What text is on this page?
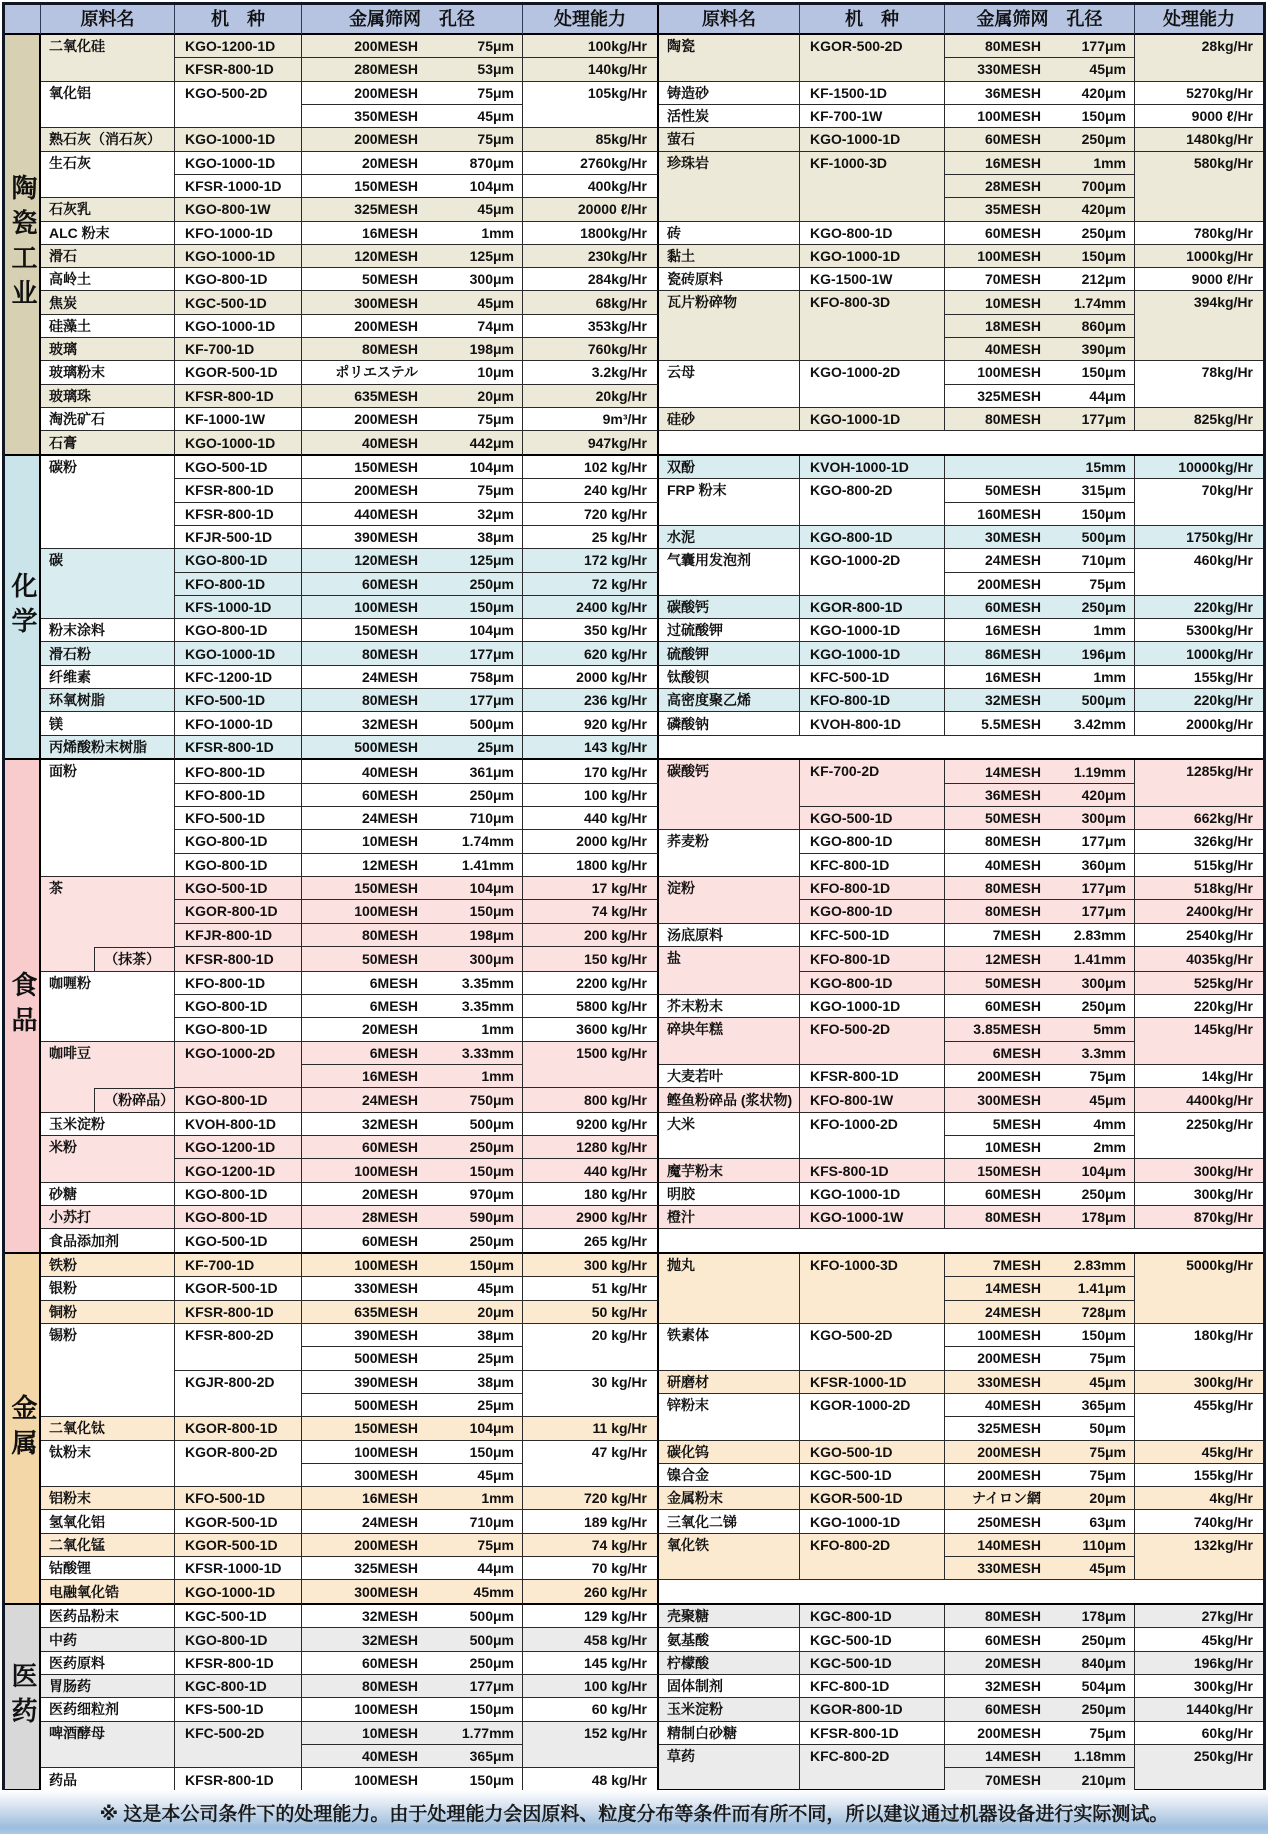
	原料名	机　种	金属筛网　孔径		处理能力	原料名	机　种	金属筛网　孔径		处理能力
陶瓷工业	二氧化硅	KGO-1200-1D	200MESH	75μm	100kg/Hr	陶瓷	KGOR-500-2D	80MESH	177μm	28kg/Hr
		KFSR-800-1D	280MESH	53μm	140kg/Hr			330MESH	45μm	
	氧化铝	KGO-500-2D	200MESH	75μm	105kg/Hr	铸造砂	KF-1500-1D	36MESH	420μm	5270kg/Hr
			350MESH	45μm		活性炭	KF-700-1W	100MESH	150μm	9000 ℓ/Hr
	熟石灰（消石灰）	KGO-1000-1D	200MESH	75μm	85kg/Hr	萤石	KGO-1000-1D	60MESH	250μm	1480kg/Hr
	生石灰	KGO-1000-1D	20MESH	870μm	2760kg/Hr	珍珠岩	KF-1000-3D	16MESH	1mm	580kg/Hr
		KFSR-1000-1D	150MESH	104μm	400kg/Hr			28MESH	700μm	
	石灰乳	KGO-800-1W	325MESH	45μm	20000 ℓ/Hr			35MESH	420μm	
	ALC 粉末	KFO-1000-1D	16MESH	1mm	1800kg/Hr	砖	KGO-800-1D	60MESH	250μm	780kg/Hr
	滑石	KGO-1000-1D	120MESH	125μm	230kg/Hr	黏土	KGO-1000-1D	100MESH	150μm	1000kg/Hr
	高岭土	KGO-800-1D	50MESH	300μm	284kg/Hr	瓷砖原料	KG-1500-1W	70MESH	212μm	9000 ℓ/Hr
	焦炭	KGC-500-1D	300MESH	45μm	68kg/Hr	瓦片粉碎物	KFO-800-3D	10MESH	1.74mm	394kg/Hr
	硅藻土	KGO-1000-1D	200MESH	74μm	353kg/Hr			18MESH	860μm	
	玻璃	KF-700-1D	80MESH	198μm	760kg/Hr			40MESH	390μm	
	玻璃粉末	KGOR-500-1D	ポリエステル	10μm	3.2kg/Hr	云母	KGO-1000-2D	100MESH	150μm	78kg/Hr
	玻璃珠	KFSR-800-1D	635MESH	20μm	20kg/Hr			325MESH	44μm	
	淘洗矿石	KF-1000-1W	200MESH	75μm	9m³/Hr	硅砂	KGO-1000-1D	80MESH	177μm	825kg/Hr
	石膏	KGO-1000-1D	40MESH	442μm	947kg/Hr					
化学	碳粉	KGO-500-1D	150MESH	104μm	102 kg/Hr	双酚	KVOH-1000-1D		15mm	10000kg/Hr
		KFSR-800-1D	200MESH	75μm	240 kg/Hr	FRP 粉末	KGO-800-2D	50MESH	315μm	70kg/Hr
		KFSR-800-1D	440MESH	32μm	720 kg/Hr			160MESH	150μm	
		KFJR-500-1D	390MESH	38μm	25 kg/Hr	水泥	KGO-800-1D	30MESH	500μm	1750kg/Hr
	碳	KGO-800-1D	120MESH	125μm	172 kg/Hr	气囊用发泡剂	KGO-1000-2D	24MESH	710μm	460kg/Hr
		KFO-800-1D	60MESH	250μm	72 kg/Hr			200MESH	75μm	
		KFS-1000-1D	100MESH	150μm	2400 kg/Hr	碳酸钙	KGOR-800-1D	60MESH	250μm	220kg/Hr
	粉末涂料	KGO-800-1D	150MESH	104μm	350 kg/Hr	过硫酸钾	KGO-1000-1D	16MESH	1mm	5300kg/Hr
	滑石粉	KGO-1000-1D	80MESH	177μm	620 kg/Hr	硫酸钾	KGO-1000-1D	86MESH	196μm	1000kg/Hr
	纤维素	KFC-1200-1D	24MESH	758μm	2000 kg/Hr	钛酸钡	KFC-500-1D	16MESH	1mm	155kg/Hr
	环氧树脂	KFO-500-1D	80MESH	177μm	236 kg/Hr	高密度聚乙烯	KFO-800-1D	32MESH	500μm	220kg/Hr
	镁	KFO-1000-1D	32MESH	500μm	920 kg/Hr	磷酸钠	KVOH-800-1D	5.5MESH	3.42mm	2000kg/Hr
	丙烯酸粉末树脂	KFSR-800-1D	500MESH	25μm	143 kg/Hr					
食品	面粉	KFO-800-1D	40MESH	361μm	170 kg/Hr	碳酸钙	KF-700-2D	14MESH	1.19mm	1285kg/Hr
		KFO-800-1D	60MESH	250μm	100 kg/Hr			36MESH	420μm	
		KFO-500-1D	24MESH	710μm	440 kg/Hr		KGO-500-1D	50MESH	300μm	662kg/Hr
		KGO-800-1D	10MESH	1.74mm	2000 kg/Hr	荞麦粉	KGO-800-1D	80MESH	177μm	326kg/Hr
		KGO-800-1D	12MESH	1.41mm	1800 kg/Hr		KFC-800-1D	40MESH	360μm	515kg/Hr
	茶	KGO-500-1D	150MESH	104μm	17 kg/Hr	淀粉	KFO-800-1D	80MESH	177μm	518kg/Hr
		KGOR-800-1D	100MESH	150μm	74 kg/Hr		KGO-800-1D	80MESH	177μm	2400kg/Hr
		KFJR-800-1D	80MESH	198μm	200 kg/Hr	汤底原料	KFC-500-1D	7MESH	2.83mm	2540kg/Hr

（抹茶）	KFSR-800-1D	50MESH	300μm	150 kg/Hr	盐	KFO-800-1D	12MESH	1.41mm	4035kg/Hr
	咖喱粉	KFO-800-1D	6MESH	3.35mm	2200 kg/Hr		KGO-800-1D	50MESH	300μm	525kg/Hr
		KGO-800-1D	6MESH	3.35mm	5800 kg/Hr	芥末粉末	KGO-1000-1D	60MESH	250μm	220kg/Hr
		KGO-800-1D	20MESH	1mm	3600 kg/Hr	碎块年糕	KFO-500-2D	3.85MESH	5mm	145kg/Hr
	咖啡豆	KGO-1000-2D	6MESH	3.33mm	1500 kg/Hr			6MESH	3.3mm	
			16MESH	1mm		大麦若叶	KFSR-800-1D	200MESH	75μm	14kg/Hr

（粉碎品）	KGO-800-1D	24MESH	750μm	800 kg/Hr	鲣鱼粉碎品 (浆状物)	KFO-800-1W	300MESH	45μm	4400kg/Hr
	玉米淀粉	KVOH-800-1D	32MESH	500μm	9200 kg/Hr	大米	KFO-1000-2D	5MESH	4mm	2250kg/Hr
	米粉	KGO-1200-1D	60MESH	250μm	1280 kg/Hr			10MESH	2mm	
		KGO-1200-1D	100MESH	150μm	440 kg/Hr	魔芋粉末	KFS-800-1D	150MESH	104μm	300kg/Hr
	砂糖	KGO-800-1D	20MESH	970μm	180 kg/Hr	明胶	KGO-1000-1D	60MESH	250μm	300kg/Hr
	小苏打	KGO-800-1D	28MESH	590μm	2900 kg/Hr	橙汁	KGO-1000-1W	80MESH	178μm	870kg/Hr
	食品添加剂	KGO-500-1D	60MESH	250μm	265 kg/Hr					
金属	铁粉	KF-700-1D	100MESH	150μm	300 kg/Hr	抛丸	KFO-1000-3D	7MESH	2.83mm	5000kg/Hr
	银粉	KGOR-500-1D	330MESH	45μm	51 kg/Hr			14MESH	1.41μm	
	铜粉	KFSR-800-1D	635MESH	20μm	50 kg/Hr			24MESH	728μm	
	锡粉	KFSR-800-2D	390MESH	38μm	20 kg/Hr	铁素体	KGO-500-2D	100MESH	150μm	180kg/Hr
			500MESH	25μm				200MESH	75μm	
		KGJR-800-2D	390MESH	38μm	30 kg/Hr	研磨材	KFSR-1000-1D	330MESH	45μm	300kg/Hr
			500MESH	25μm		锌粉末	KGOR-1000-2D	40MESH	365μm	455kg/Hr
	二氧化钛	KGOR-800-1D	150MESH	104μm	11 kg/Hr			325MESH	50μm	
	钛粉末	KGOR-800-2D	100MESH	150μm	47 kg/Hr	碳化钨	KGO-500-1D	200MESH	75μm	45kg/Hr
			300MESH	45μm		镍合金	KGC-500-1D	200MESH	75μm	155kg/Hr
	铝粉末	KFO-500-1D	16MESH	1mm	720 kg/Hr	金属粉末	KGOR-500-1D	ナイロン網	20μm	4kg/Hr
	氢氧化铝	KGOR-500-1D	24MESH	710μm	189 kg/Hr	三氧化二锑	KGO-1000-1D	250MESH	63μm	740kg/Hr
	二氧化锰	KGOR-500-1D	200MESH	75μm	74 kg/Hr	氧化铁	KFO-800-2D	140MESH	110μm	132kg/Hr
	钴酸锂	KFSR-1000-1D	325MESH	44μm	70 kg/Hr			330MESH	45μm	
	电融氧化锆	KGO-1000-1D	300MESH	45mm	260 kg/Hr					
医药	医药品粉末	KGC-500-1D	32MESH	500μm	129 kg/Hr	壳聚糖	KGC-800-1D	80MESH	178μm	27kg/Hr
	中药	KGO-800-1D	32MESH	500μm	458 kg/Hr	氨基酸	KGC-500-1D	60MESH	250μm	45kg/Hr
	医药原料	KFSR-800-1D	60MESH	250μm	145 kg/Hr	柠檬酸	KGC-500-1D	20MESH	840μm	196kg/Hr
	胃肠药	KGC-800-1D	80MESH	177μm	100 kg/Hr	固体制剂	KFC-800-1D	32MESH	504μm	300kg/Hr
	医药细粒剂	KFS-500-1D	100MESH	150μm	60 kg/Hr	玉米淀粉	KGOR-800-1D	60MESH	250μm	1440kg/Hr
	啤酒酵母	KFC-500-2D	10MESH	1.77mm	152 kg/Hr	精制白砂糖	KFSR-800-1D	200MESH	75μm	60kg/Hr
			40MESH	365μm		草药	KFC-800-2D	14MESH	1.18mm	250kg/Hr
	药品	KFSR-800-1D	100MESH	150μm	48 kg/Hr			70MESH	210μm	
※ 这是本公司条件下的处理能力。由于处理能力会因原料、粒度分布等条件而有所不同，所以建议通过机器设备进行实际测试。
